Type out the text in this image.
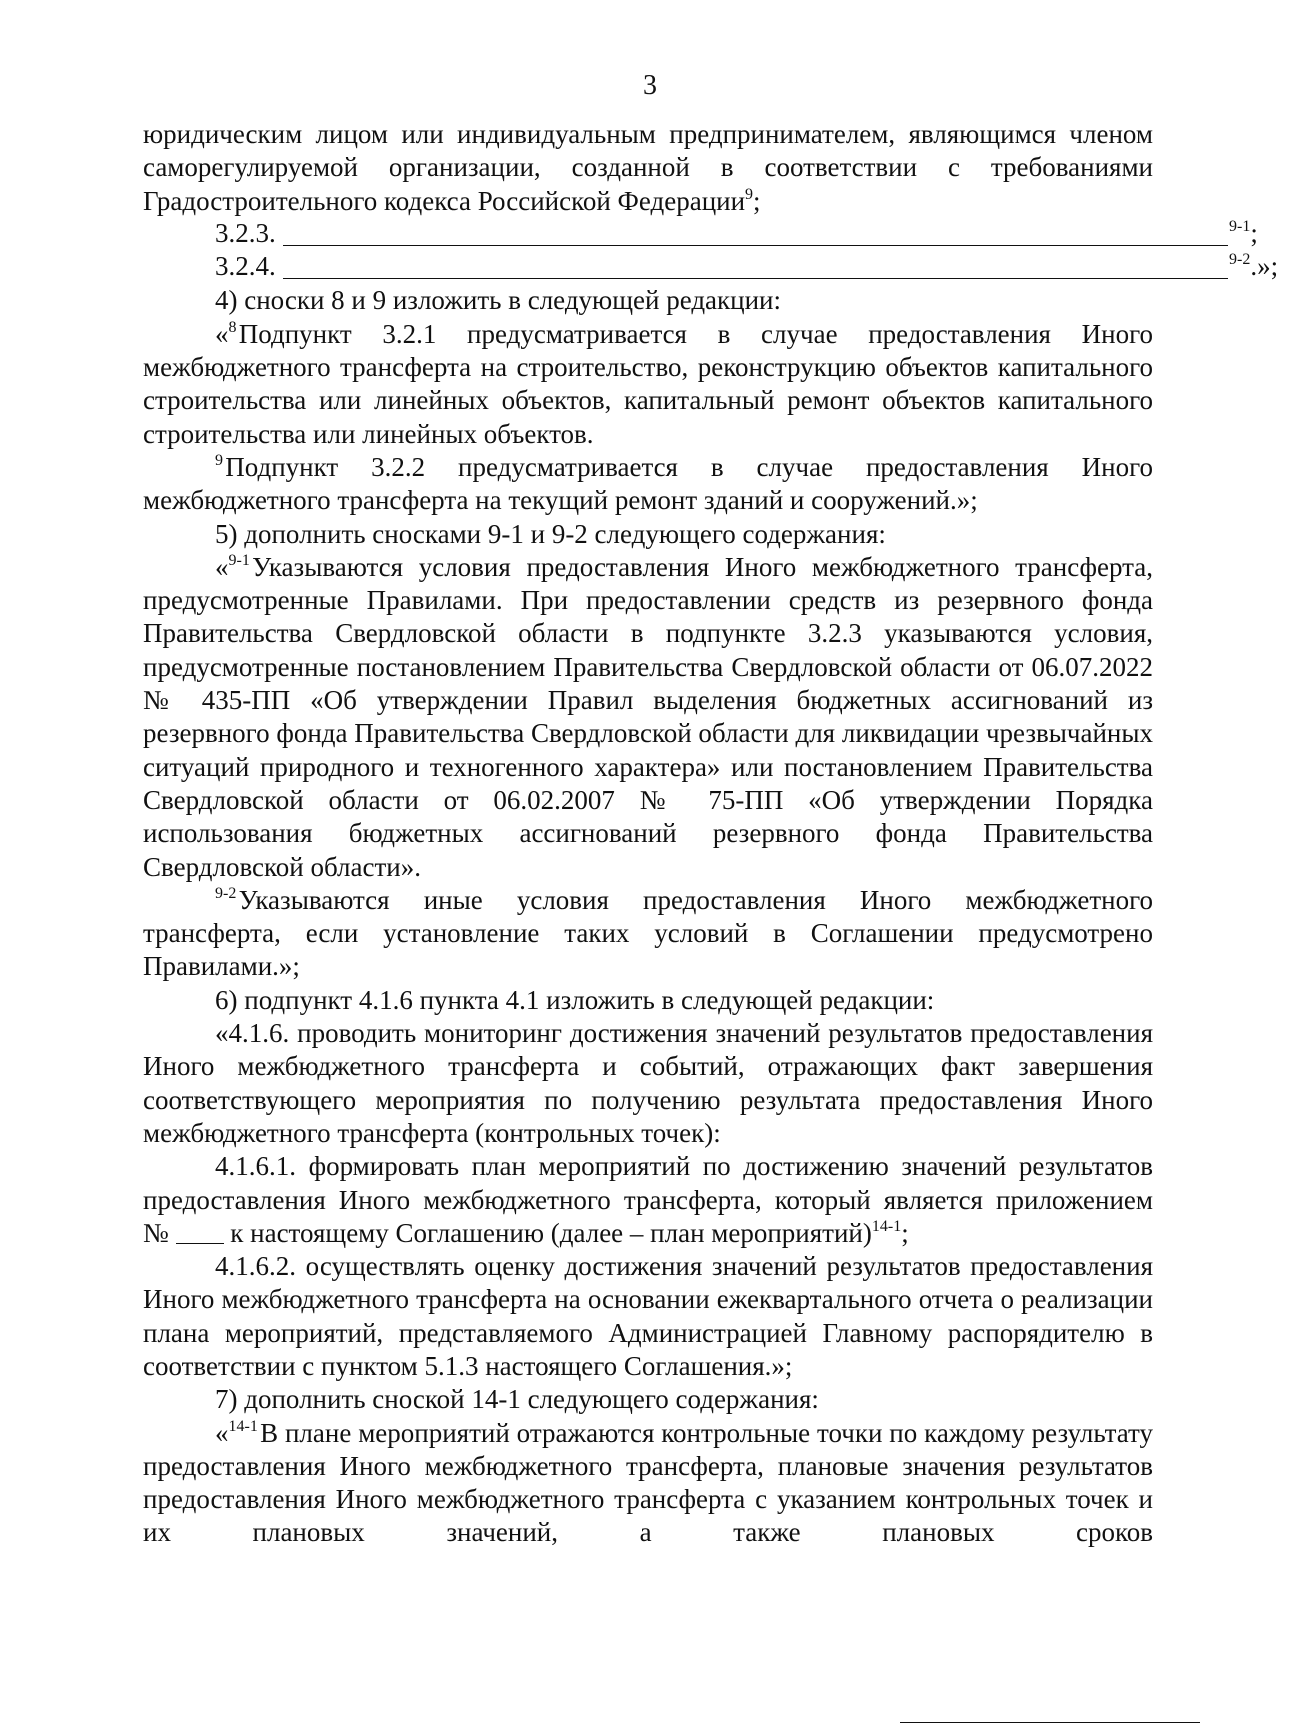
3

юридическим лицом или индивидуальным предпринимателем, являющимся членом саморегулируемой организации, созданной в соответствии с требованиями Градостроительного кодекса Российской Федерации$^9$;

3.2.3.	$^{9-1}$;
3.2.4.	$^{9-2}$.»;

4) сноски 8 и 9 изложить в следующей редакции:

«$^8$ Подпункт 3.2.1 предусматривается в случае предоставления Иного межбюджетного трансферта на строительство, реконструкцию объектов капитального строительства или линейных объектов, капитальный ремонт объектов капитального строительства или линейных объектов.

$^9$ Подпункт 3.2.2 предусматривается в случае предоставления Иного межбюджетного трансферта на текущий ремонт зданий и сооружений.»;

5) дополнить сносками 9-1 и 9-2 следующего содержания:

«$^{9-1}$ Указываются условия предоставления Иного межбюджетного трансферта, предусмотренные Правилами. При предоставлении средств из резервного фонда Правительства Свердловской области в подпункте 3.2.3 указываются условия, предусмотренные постановлением Правительства Свердловской области от 06.07.2022 № 435-ПП «Об утверждении Правил выделения бюджетных ассигнований из резервного фонда Правительства Свердловской области для ликвидации чрезвычайных ситуаций природного и техногенного характера» или постановлением Правительства Свердловской области от 06.02.2007 № 75-ПП «Об утверждении Порядка использования бюджетных ассигнований резервного фонда Правительства Свердловской области».

$^{9-2}$ Указываются иные условия предоставления Иного межбюджетного трансферта, если установление таких условий в Соглашении предусмотрено Правилами.»;

6) подпункт 4.1.6 пункта 4.1 изложить в следующей редакции:

«4.1.6. проводить мониторинг достижения значений результатов предоставления Иного межбюджетного трансферта и событий, отражающих факт завершения соответствующего мероприятия по получению результата предоставления Иного межбюджетного трансферта (контрольных точек):

4.1.6.1. формировать план мероприятий по достижению значений результатов предоставления Иного межбюджетного трансферта, который является приложением № к настоящему Соглашению (далее – план мероприятий)$^{14-1}$;

4.1.6.2. осуществлять оценку достижения значений результатов предоставления Иного межбюджетного трансферта на основании ежеквартального отчета о реализации плана мероприятий, представляемого Администрацией Главному распорядителю в соответствии с пунктом 5.1.3 настоящего Соглашения.»;

7) дополнить сноской 14-1 следующего содержания:

«$^{14-1}$ В плане мероприятий отражаются контрольные точки по каждому результату предоставления Иного межбюджетного трансферта, плановые значения результатов предоставления Иного межбюджетного трансферта с указанием контрольных точек и их плановых значений, а также плановых сроков
